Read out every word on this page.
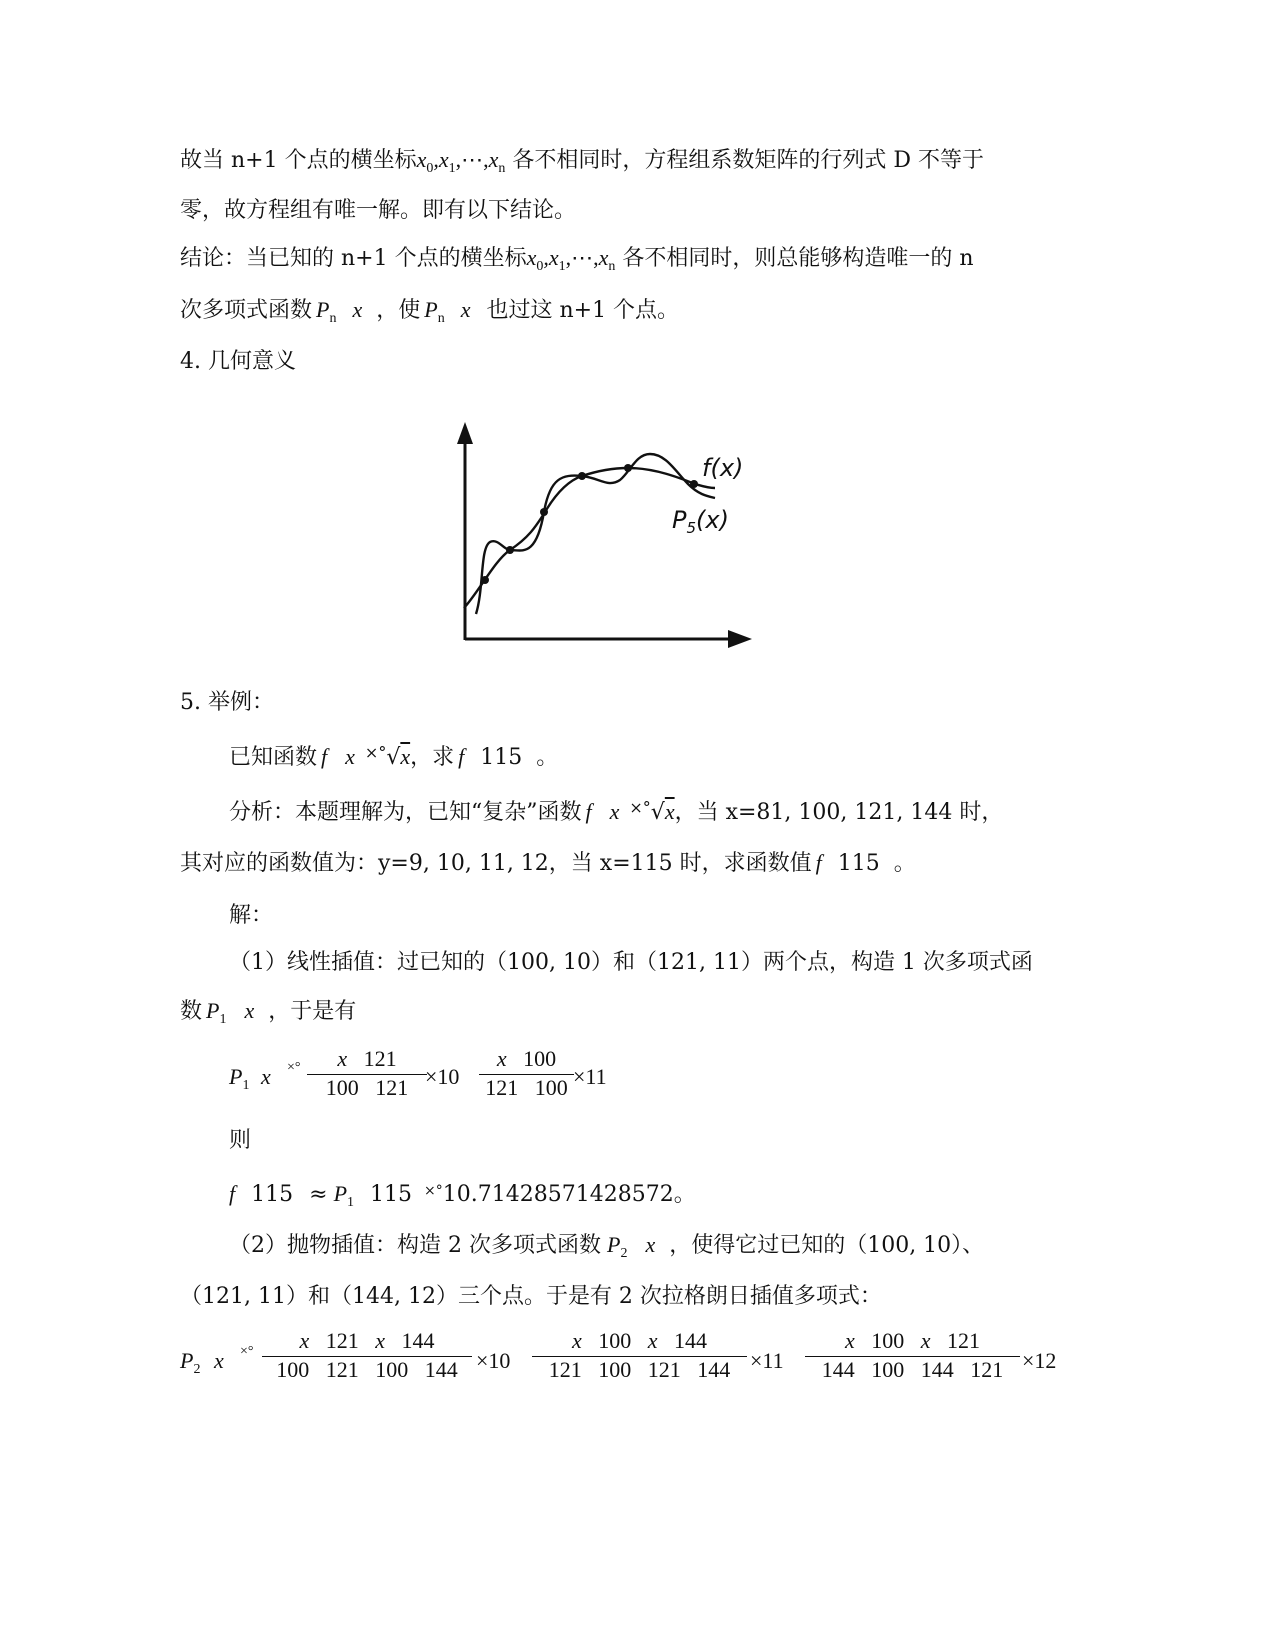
故当 n+1 个点的横坐标$x_0,x_1,\cdots,x_n$ 各不相同时，方程组系数矩阵的行列式 D 不等于
零，故方程组有唯一解。即有以下结论。
结论：当已知的 n+1 个点的横坐标$x_0,x_1,\cdots,x_n$ 各不相同时，则总能够构造唯一的 n
次多项式函数 $P_n$ x ，使 $P_n$ x 也过这 n+1 个点。
4. 几何意义
f(x)
$P_5(x)$
5. 举例：
已知函数 f x ×°√x，求 f 115 。
分析：本题理解为，已知“复杂”函数 f x ×°√x，当 x=81, 100, 121, 144 时，
其对应的函数值为：y=9, 10, 11, 12，当 x=115 时，求函数值 f 115 。
解：
（1）线性插值：过已知的（100, 10）和（121, 11）两个点，构造 1 次多项式函
数 $P_1$ x ，于是有
$P_1$ x ×°	x 121
100 121 ×10
x 100
121 100 ×11
则
f $115 \approx P_1$ 115 ×°10.71428571428572。
（2）抛物插值：构造 2 次多项式函数 $P_2$ x ，使得它过已知的（100, 10）、
（121, 11）和（144, 12）三个点。于是有 2 次拉格朗日插值多项式：
$P_2$ x ×°	x 121 x 144
100 121 100 144 ×10
x 100 x 144
121 100 121 144 ×11
x 100 x 121
144 100 144 121 ×12
